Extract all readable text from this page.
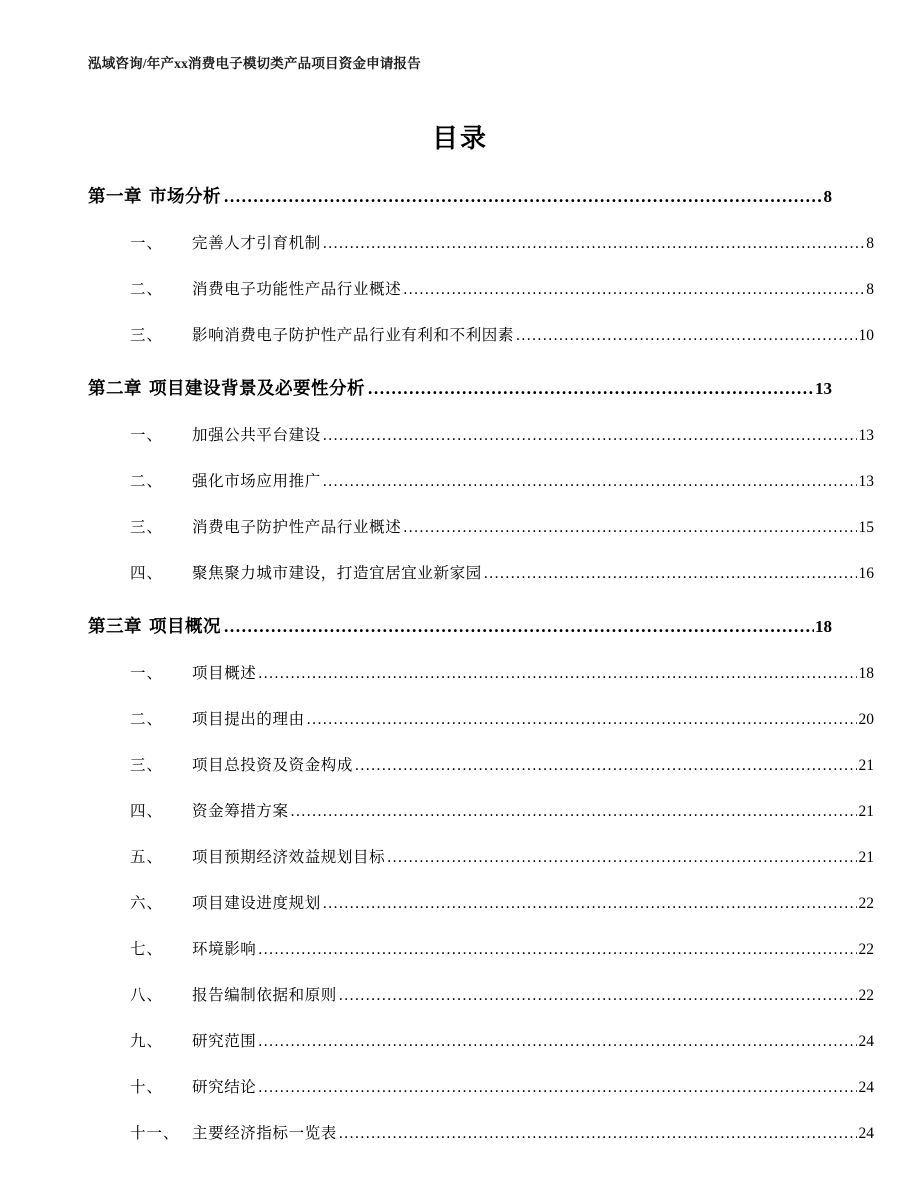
泓域咨询/年产xx消费电子模切类产品项目资金申请报告
目录
第一章 市场分析 .....	8
一、	完善人才引育机制 .....	8
二、	消费电子功能性产品行业概述 .....	8
三、	影响消费电子防护性产品行业有利和不利因素 .....	10
第二章 项目建设背景及必要性分析 .....	13
一、	加强公共平台建设 .....	13
二、	强化市场应用推广 .....	13
三、	消费电子防护性产品行业概述 .....	15
四、	聚焦聚力城市建设，打造宜居宜业新家园 .....	16
第三章 项目概况 .....	18
一、	项目概述 .....	18
二、	项目提出的理由 .....	20
三、	项目总投资及资金构成 .....	21
四、	资金筹措方案 .....	21
五、	项目预期经济效益规划目标 .....	21
六、	项目建设进度规划 .....	22
七、	环境影响 .....	22
八、	报告编制依据和原则 .....	22
九、	研究范围 .....	24
十、	研究结论 .....	24
十一、 主要经济指标一览表 .....	24
